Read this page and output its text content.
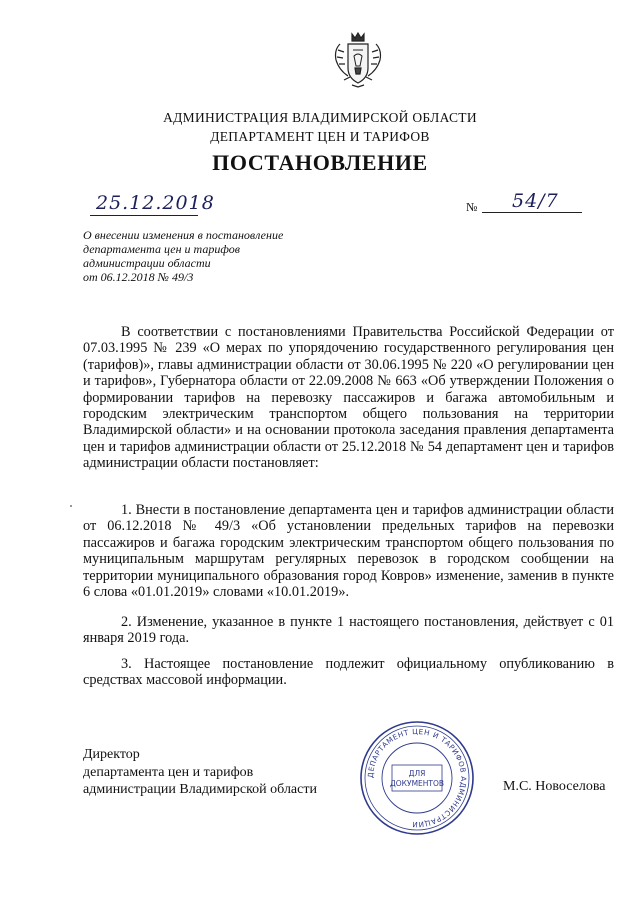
АДМИНИСТРАЦИЯ ВЛАДИМИРСКОЙ ОБЛАСТИ
ДЕПАРТАМЕНТ ЦЕН И ТАРИФОВ
ПОСТАНОВЛЕНИЕ
25.12.2018	№ 54/7
О внесении изменения в постановление
департамента цен и тарифов
администрации области
от 06.12.2018 № 49/3
В соответствии с постановлениями Правительства Российской Федерации от 07.03.1995 № 239 «О мерах по упорядочению государственного регулирования цен (тарифов)», главы администрации области от 30.06.1995 № 220 «О регулировании цен и тарифов», Губернатора области от 22.09.2008 № 663 «Об утверждении Положения о формировании тарифов на перевозку пассажиров и багажа автомобильным и городским электрическим транспортом общего пользования на территории Владимирской области» и на основании протокола заседания правления департамента цен и тарифов администрации области от 25.12.2018 № 54 департамент цен и тарифов администрации области постановляет:
1. Внести в постановление департамента цен и тарифов администрации области от 06.12.2018 № 49/3 «Об установлении предельных тарифов на перевозки пассажиров и багажа городским электрическим транспортом общего пользования по муниципальным маршрутам регулярных перевозок в городском сообщении на территории муниципального образования город Ковров» изменение, заменив в пункте 6 слова «01.01.2019» словами «10.01.2019».
2. Изменение, указанное в пункте 1 настоящего постановления, действует с 01 января 2019 года.
3. Настоящее постановление подлежит официальному опубликованию в средствах массовой информации.
Директор
департамента цен и тарифов
администрации Владимирской области	М.С. Новоселова
ДЕПАРТАМЕНТ ЦЕН И ТАРИФОВ АДМИНИСТРАЦИИ
ДЛЯ
ДОКУМЕНТОВ
